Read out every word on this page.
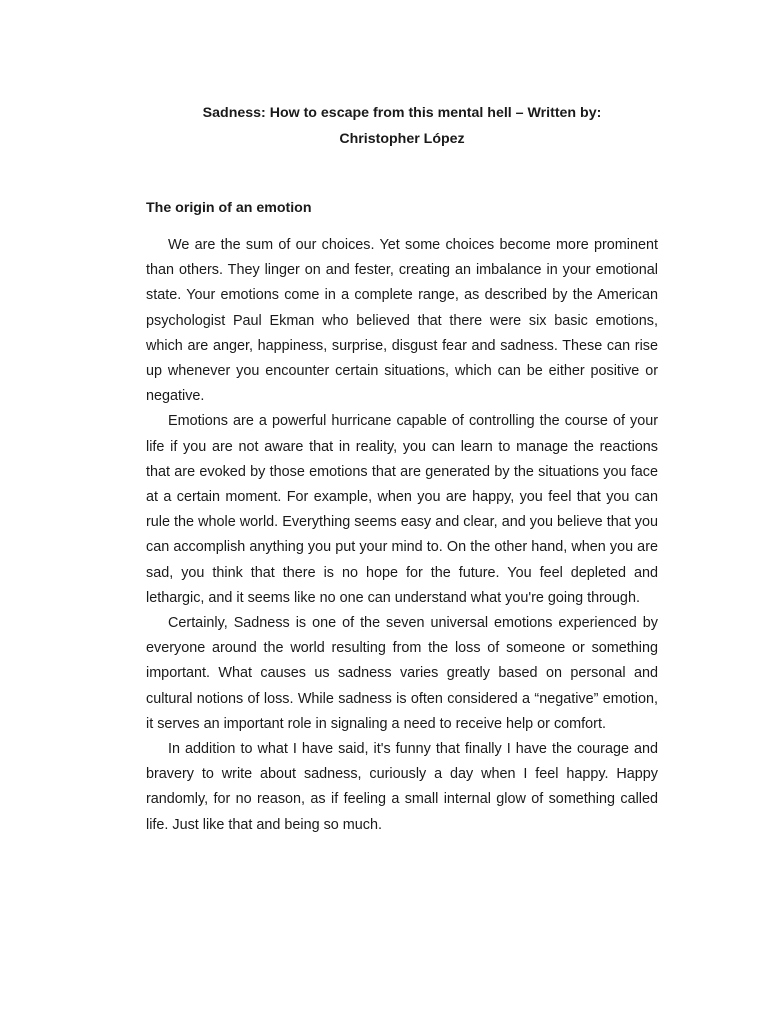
Sadness: How to escape from this mental hell – Written by:
Christopher López
The origin of an emotion

We are the sum of our choices. Yet some choices become more prominent than others. They linger on and fester, creating an imbalance in your emotional state. Your emotions come in a complete range, as described by the American psychologist Paul Ekman who believed that there were six basic emotions, which are anger, happiness, surprise, disgust fear and sadness. These can rise up whenever you encounter certain situations, which can be either positive or negative.

Emotions are a powerful hurricane capable of controlling the course of your life if you are not aware that in reality, you can learn to manage the reactions that are evoked by those emotions that are generated by the situations you face at a certain moment. For example, when you are happy, you feel that you can rule the whole world. Everything seems easy and clear, and you believe that you can accomplish anything you put your mind to. On the other hand, when you are sad, you think that there is no hope for the future. You feel depleted and lethargic, and it seems like no one can understand what you're going through.

Certainly, Sadness is one of the seven universal emotions experienced by everyone around the world resulting from the loss of someone or something important. What causes us sadness varies greatly based on personal and cultural notions of loss. While sadness is often considered a “negative” emotion, it serves an important role in signaling a need to receive help or comfort.

In addition to what I have said, it's funny that finally I have the courage and bravery to write about sadness, curiously a day when I feel happy. Happy randomly, for no reason, as if feeling a small internal glow of something called life. Just like that and being so much.
